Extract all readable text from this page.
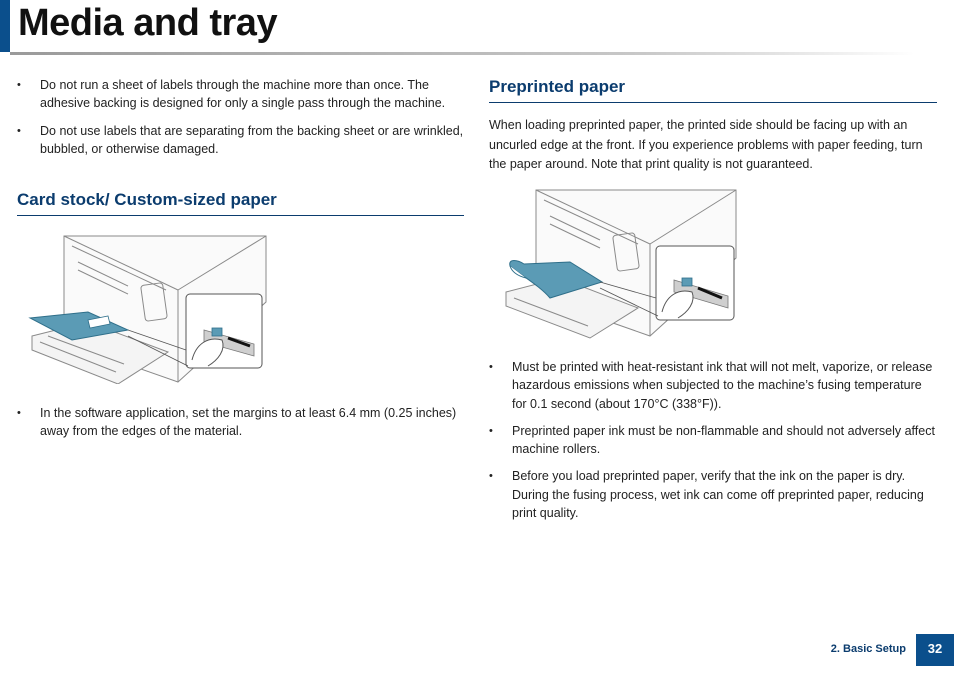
Media and tray
• Do not run a sheet of labels through the machine more than once. The adhesive backing is designed for only a single pass through the machine.
• Do not use labels that are separating from the backing sheet or are wrinkled, bubbled, or otherwise damaged.
Card stock/ Custom-sized paper
• In the software application, set the margins to at least 6.4 mm (0.25 inches) away from the edges of the material.
Preprinted paper

When loading preprinted paper, the printed side should be facing up with an uncurled edge at the front. If you experience problems with paper feeding, turn the paper around. Note that print quality is not guaranteed.

• Must be printed with heat-resistant ink that will not melt, vaporize, or release hazardous emissions when subjected to the machine’s fusing temperature for 0.1 second (about 170°C (338°F)).
• Preprinted paper ink must be non-flammable and should not adversely affect machine rollers.
• Before you load preprinted paper, verify that the ink on the paper is dry. During the fusing process, wet ink can come off preprinted paper, reducing print quality.
2. Basic Setup	32
